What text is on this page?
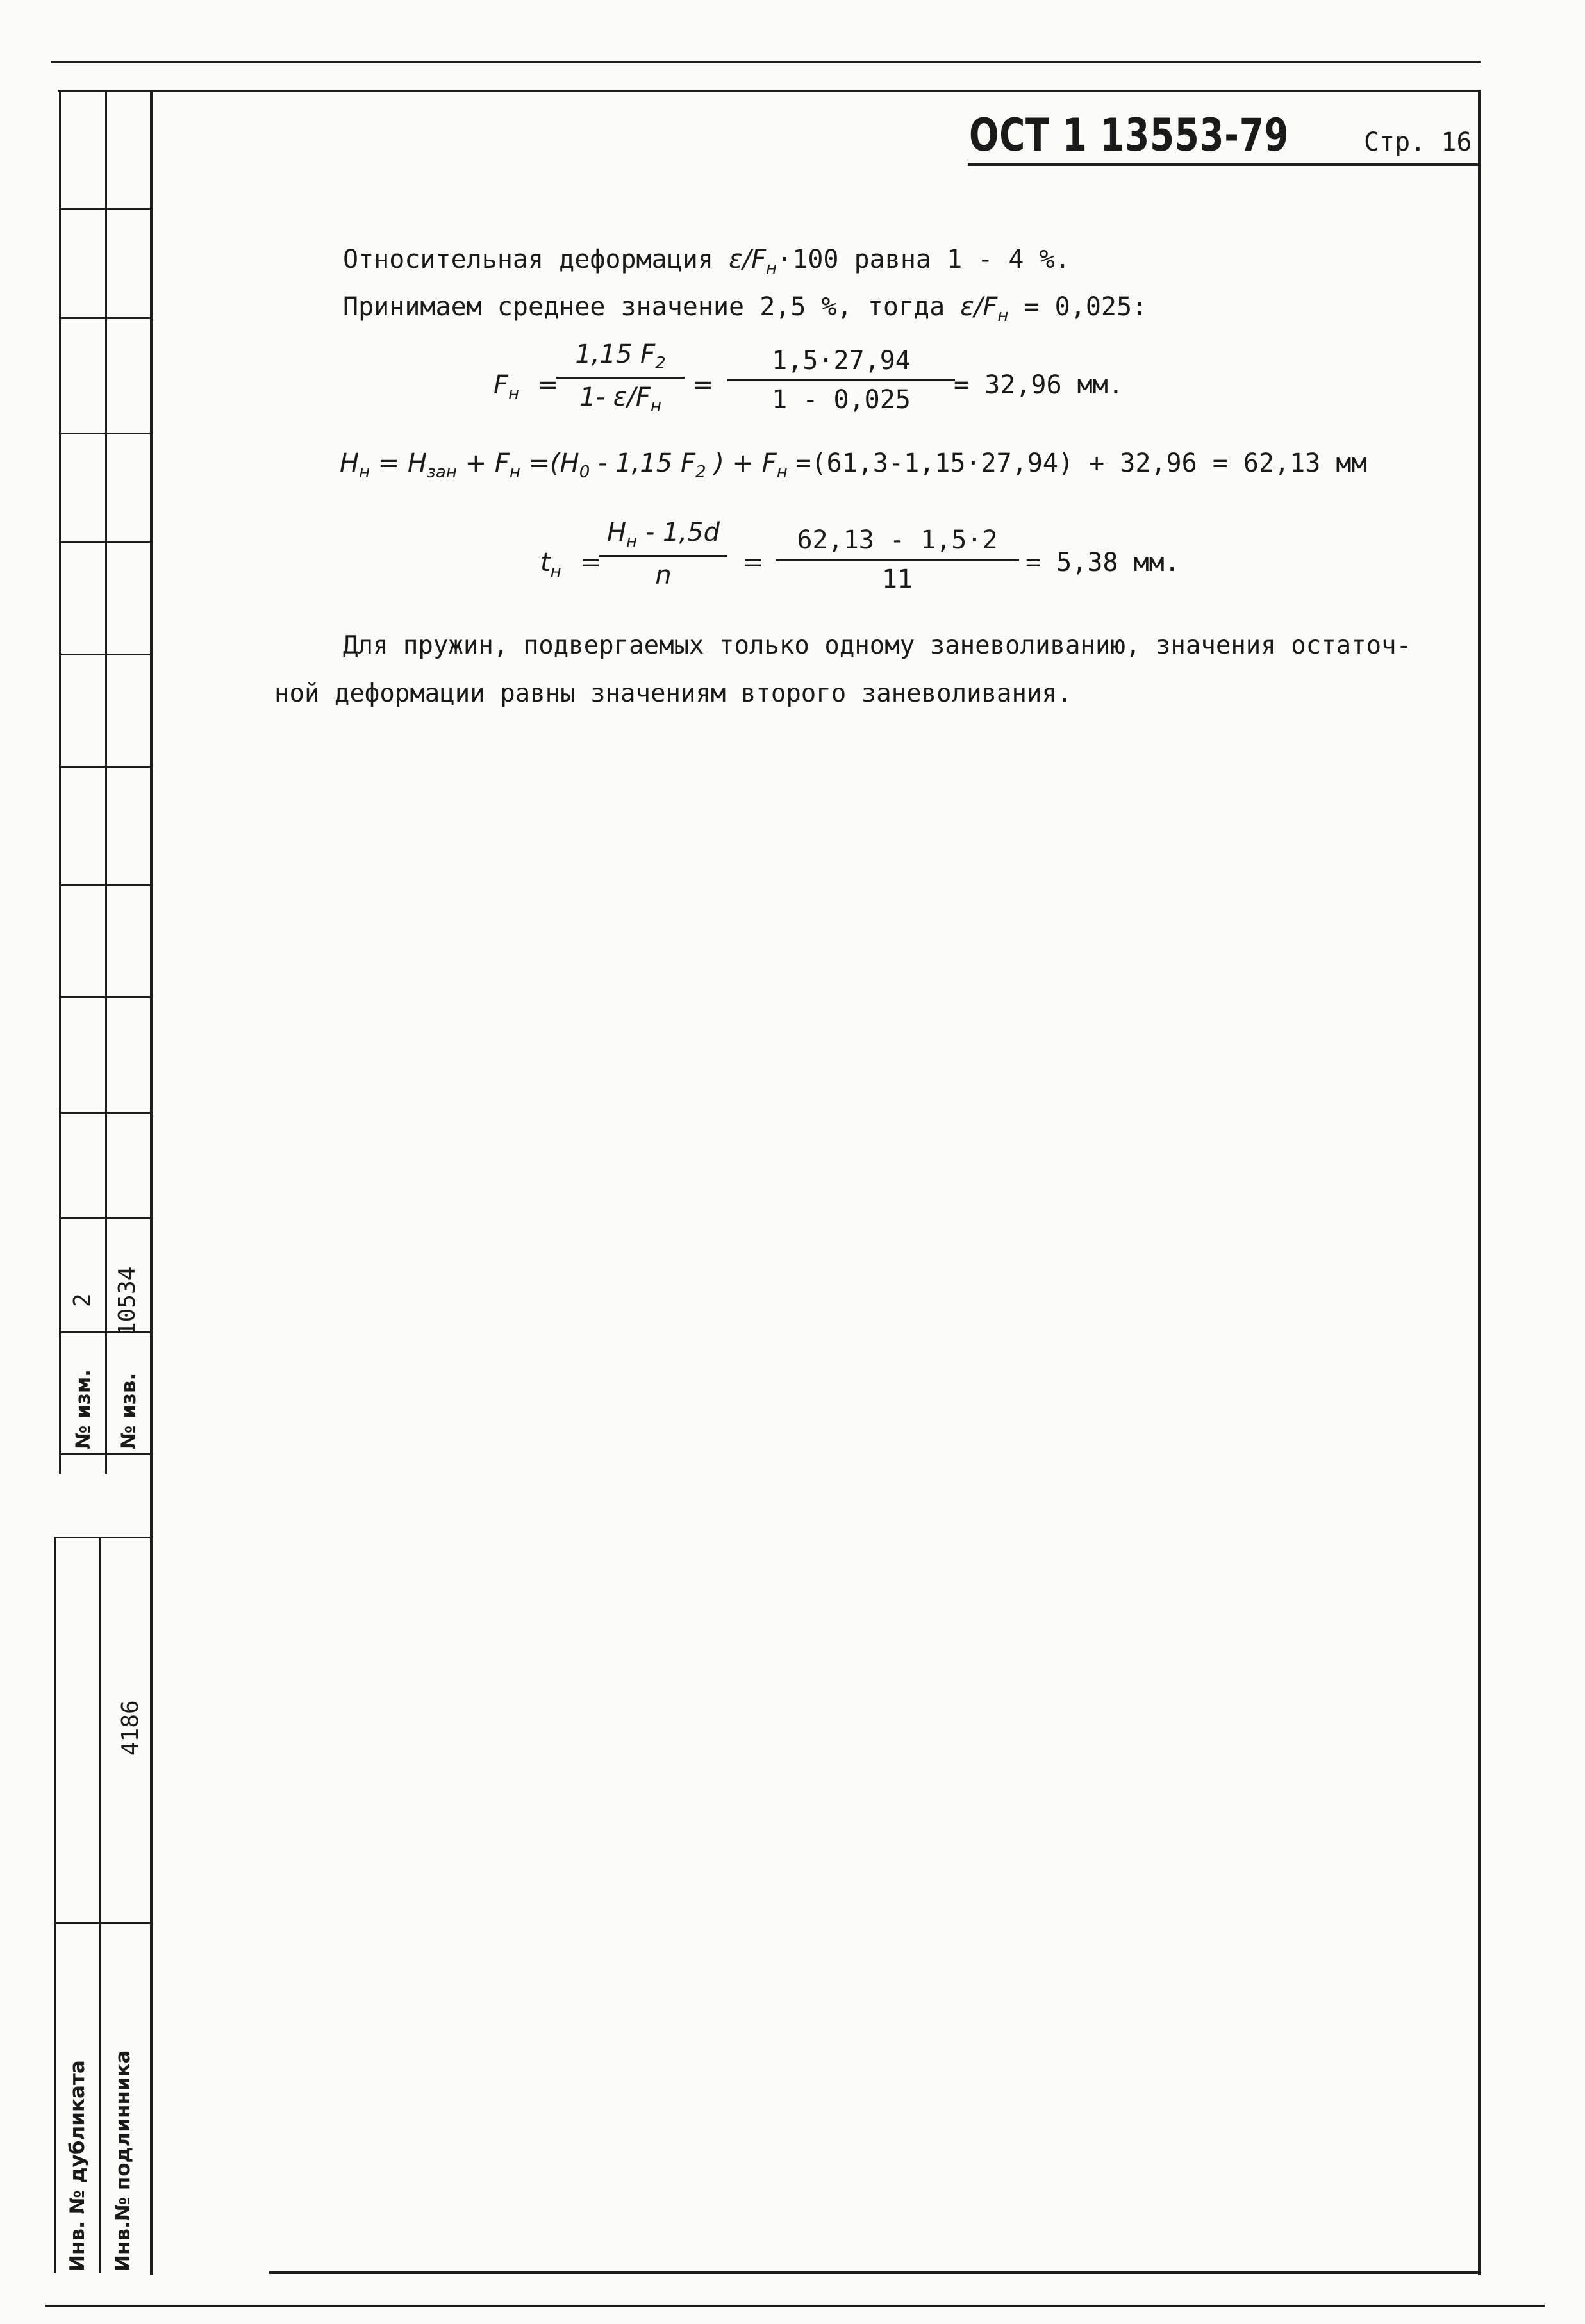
ОСТ 1 13553-79	Стр. 16
Относительная деформация $\varepsilon/F_н\cdot 100$ равна 1 - 4 %.
Принимаем среднее значение 2,5 %, тогда $\varepsilon/F_н = 0,025$:
$F_н$ =
1,15 $F_2$
1- $\varepsilon/F_н$
= $\frac{1,5\cdot 27,94}{1 - 0,025}$
= 32,96 мм.
$H_н = H_{зан} + F_н =(H_0 - 1,15$ $F_2$ ) + $F_н =(61,3-1,15\cdot 27,94) + 32,96 = 62,13$ мм
$t_н$ =
$H_н - 1,5d$
n	= $\frac{62,13 - 1,5\cdot 2}{11} = 5,38$ мм.
Для пружин, подвергаемых только одному заневоливанию, значения остаточ-
ной деформации равны значениям второго заневоливания.
№ изм.
2
№ изв.
10534
Инв. № дубликата Инв.№ подлинника
4186
